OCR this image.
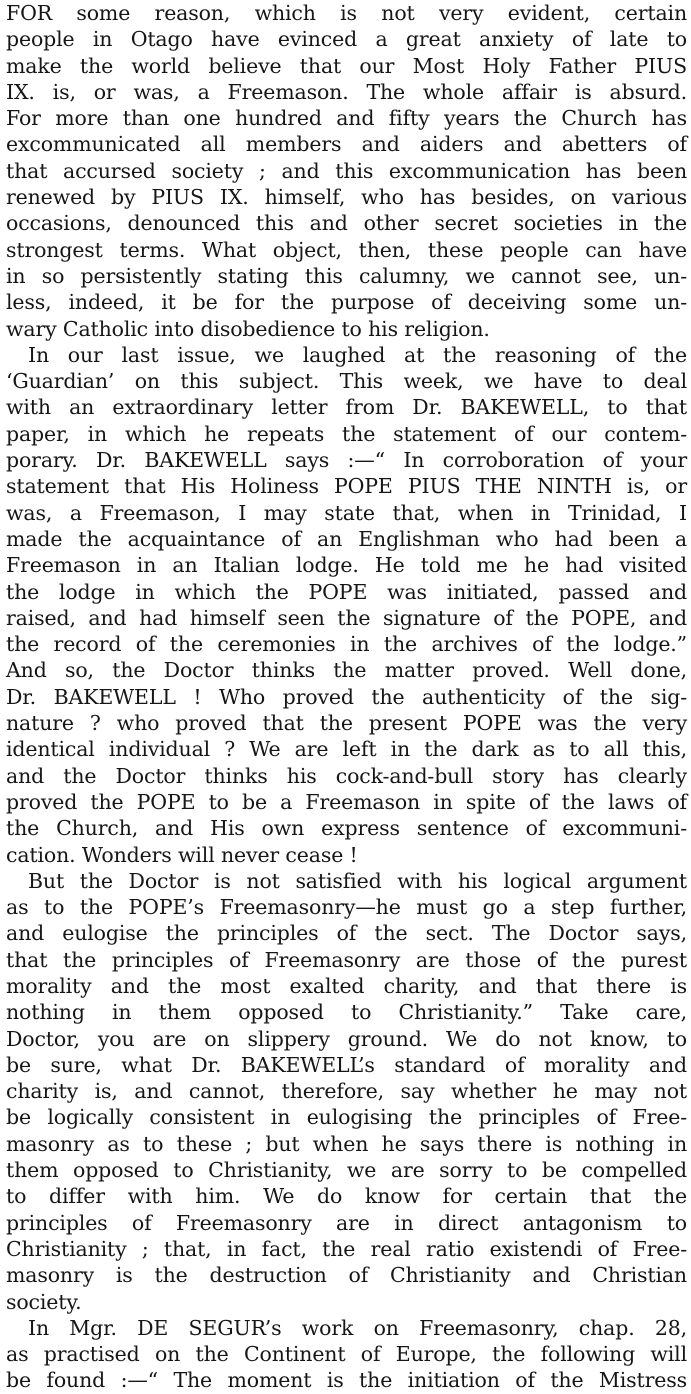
FOR some reason, which is not very evident, certain
people in Otago have evinced a great anxiety of late to
make the world believe that our Most Holy Father PIUS
IX. is, or was, a Freemason. The whole affair is absurd.
For more than one hundred and fifty years the Church has
excommunicated all members and aiders and abetters of
that accursed society ; and this excommunication has been
renewed by PIUS IX. himself, who has besides, on various
occasions, denounced this and other secret societies in the
strongest terms. What object, then, these people can have
in so persistently stating this calumny, we cannot see, un-
less, indeed, it be for the purpose of deceiving some un-
wary Catholic into disobedience to his religion.
In our last issue, we laughed at the reasoning of the
‘Guardian’ on this subject. This week, we have to deal
with an extraordinary letter from Dr. BAKEWELL, to that
paper, in which he repeats the statement of our contem-
porary. Dr. BAKEWELL says :—“ In corroboration of your
statement that His Holiness POPE PIUS THE NINTH is, or
was, a Freemason, I may state that, when in Trinidad, I
made the acquaintance of an Englishman who had been a
Freemason in an Italian lodge. He told me he had visited
the lodge in which the POPE was initiated, passed and
raised, and had himself seen the signature of the POPE, and
the record of the ceremonies in the archives of the lodge.”
And so, the Doctor thinks the matter proved. Well done,
Dr. BAKEWELL ! Who proved the authenticity of the sig-
nature ? who proved that the present POPE was the very
identical individual ? We are left in the dark as to all this,
and the Doctor thinks his cock-and-bull story has clearly
proved the POPE to be a Freemason in spite of the laws of
the Church, and His own express sentence of excommuni-
cation. Wonders will never cease !
But the Doctor is not satisfied with his logical argument
as to the POPE’s Freemasonry—he must go a step further,
and eulogise the principles of the sect. The Doctor says,
that the principles of Freemasonry are those of the purest
morality and the most exalted charity, and that there is
nothing in them opposed to Christianity.” Take care,
Doctor, you are on slippery ground. We do not know, to
be sure, what Dr. BAKEWELL’s standard of morality and
charity is, and cannot, therefore, say whether he may not
be logically consistent in eulogising the principles of Free-
masonry as to these ; but when he says there is nothing in
them opposed to Christianity, we are sorry to be compelled
to differ with him. We do know for certain that the
principles of Freemasonry are in direct antagonism to
Christianity ; that, in fact, the real ratio existendi of Free-
masonry is the destruction of Christianity and Christian
society.
In Mgr. DE SEGUR’s work on Freemasonry, chap. 28,
as practised on the Continent of Europe, the following will
be found :—“ The moment is the initiation of the Mistress
